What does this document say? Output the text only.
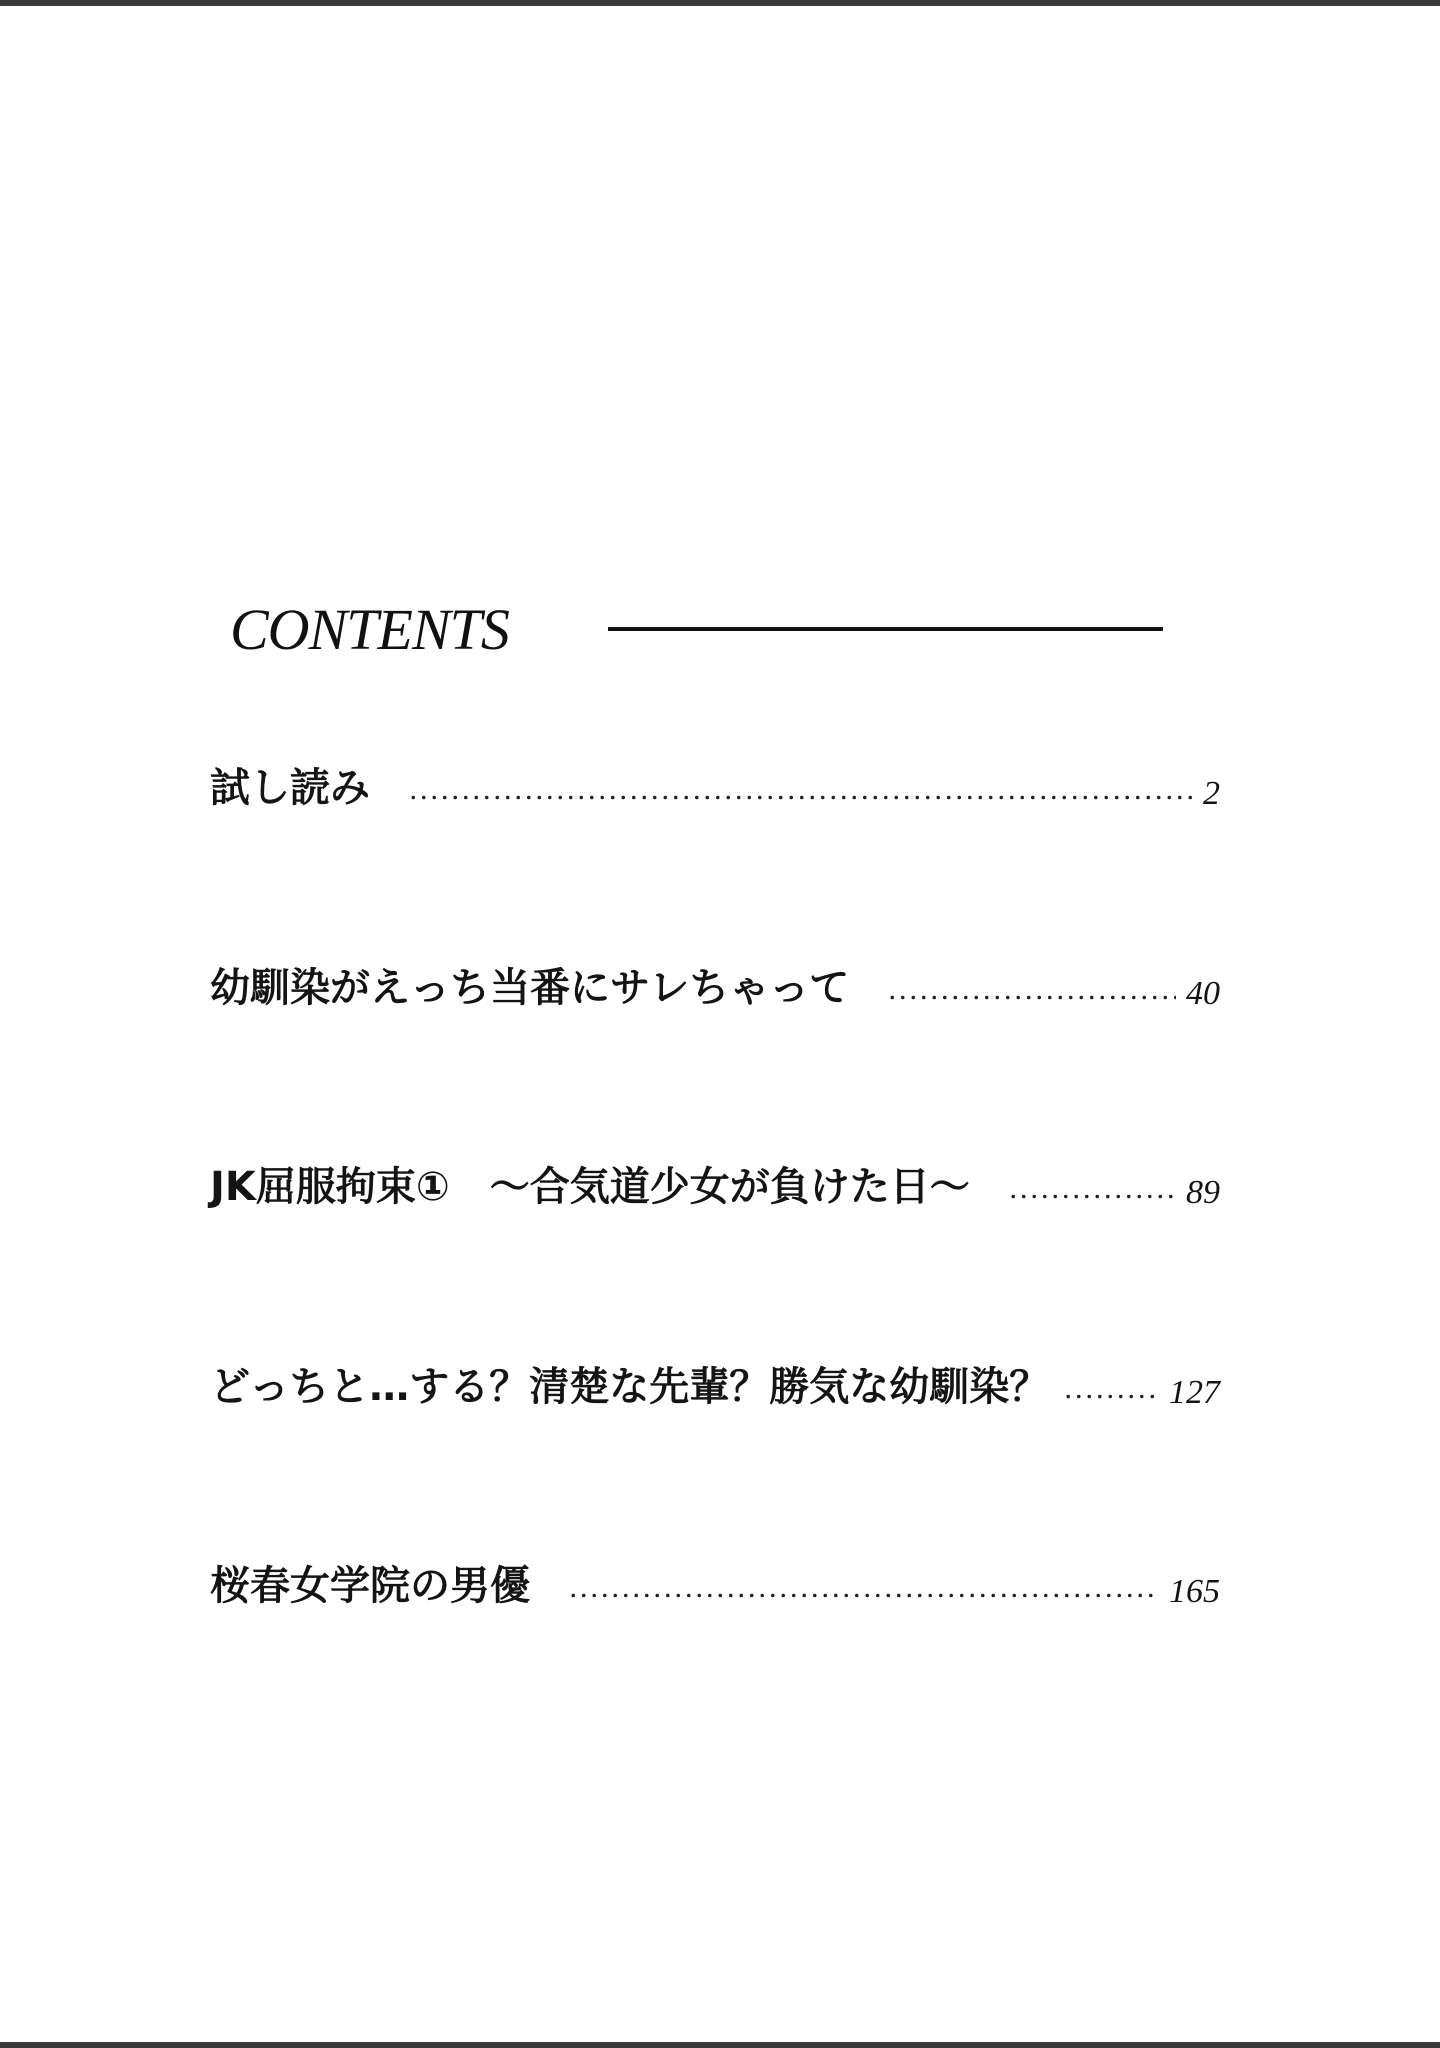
CONTENTS
試し読み	2
幼馴染がえっち当番にサレちゃって	40
JK屈服拘束①　～合気道少女が負けた日～	89
どっちと…する？清楚な先輩？勝気な幼馴染？	127
桜春女学院の男優	165
